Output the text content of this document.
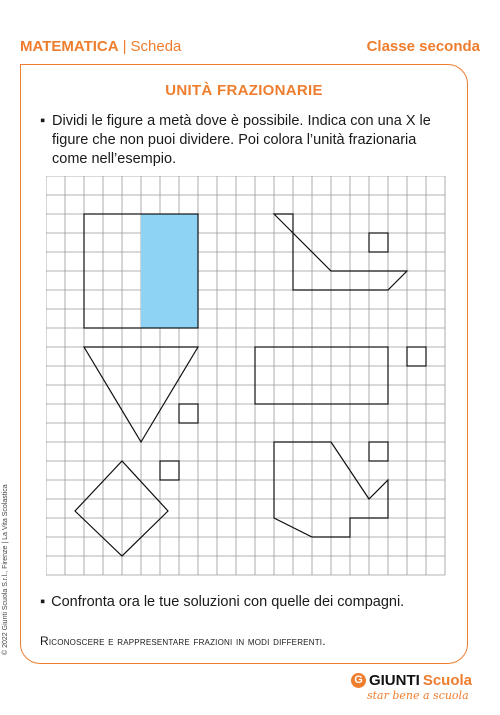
MATEMATICA | Scheda	Classe seconda
UNITÀ FRAZIONARIE
▪ Dividi le figure a metà dove è possibile. Indica con una X le figure che non puoi dividere. Poi colora l’unità frazionaria come nell’esempio.
▪ Confronta ora le tue soluzioni con quelle dei compagni.
Riconoscere e rappresentare frazioni in modi differenti.
© 2022 Giunti Scuola S.r.l., Firenze | La Vita Scolastica
G GIUNTI Scuola
star bene a scuola
